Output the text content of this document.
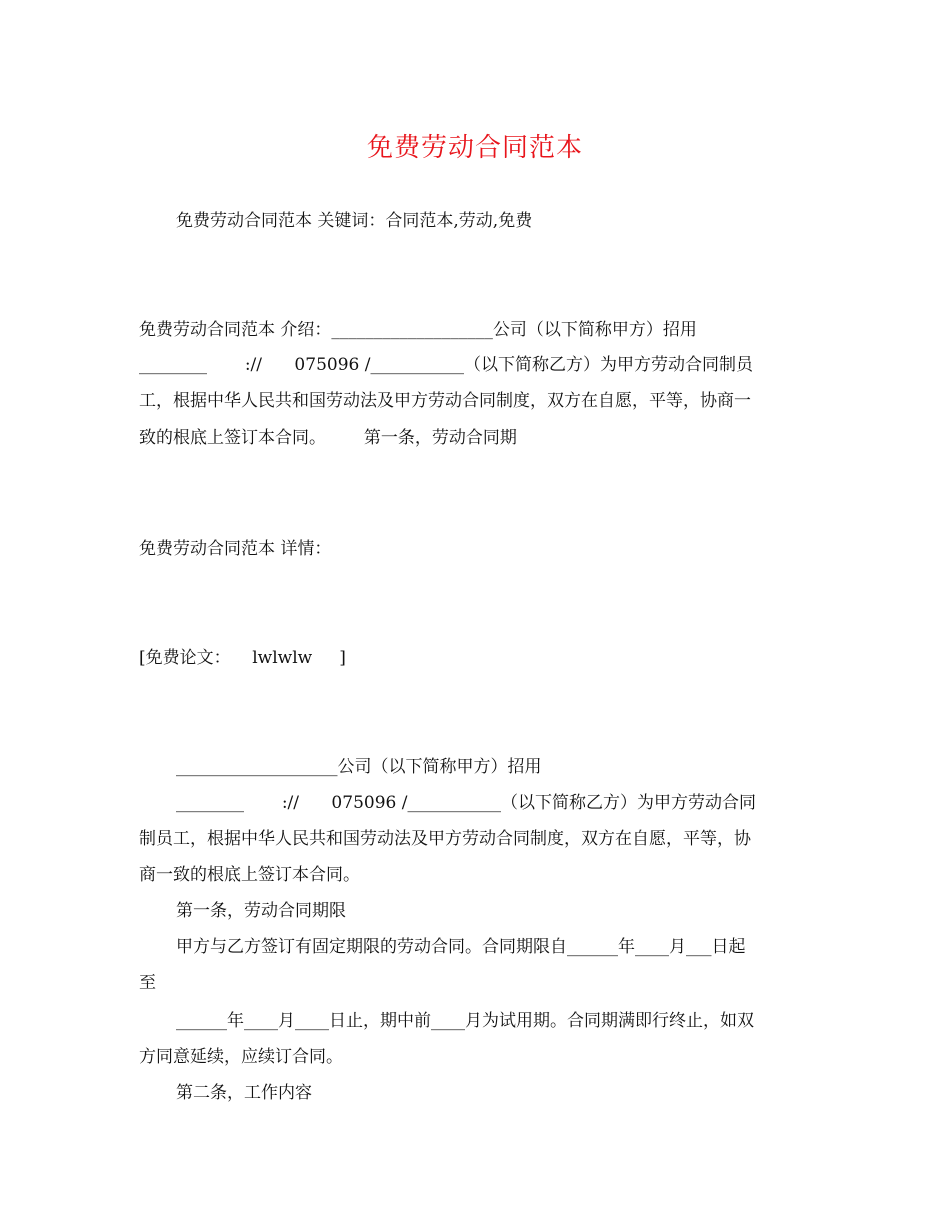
免费劳动合同范本

免费劳动合同范本 关键词：合同范本,劳动,免费

免费劳动合同范本 介绍：___________________公司（以下简称甲方）招用

________       ://      075096 /___________（以下简称乙方）为甲方劳动合同制员

工，根据中华人民共和国劳动法及甲方劳动合同制度，双方在自愿，平等，协商一

致的根底上签订本合同。       第一条，劳动合同期

免费劳动合同范本 详情：

[免费论文：    lwlwlw     ]

___________________公司（以下简称甲方）招用

________       ://      075096 /___________（以下简称乙方）为甲方劳动合同

制员工，根据中华人民共和国劳动法及甲方劳动合同制度，双方在自愿，平等，协

商一致的根底上签订本合同。

第一条，劳动合同期限

甲方与乙方签订有固定期限的劳动合同。合同期限自______年____月___日起

至

______年____月____日止，期中前____月为试用期。合同期满即行终止，如双

方同意延续，应续订合同。

第二条，工作内容
